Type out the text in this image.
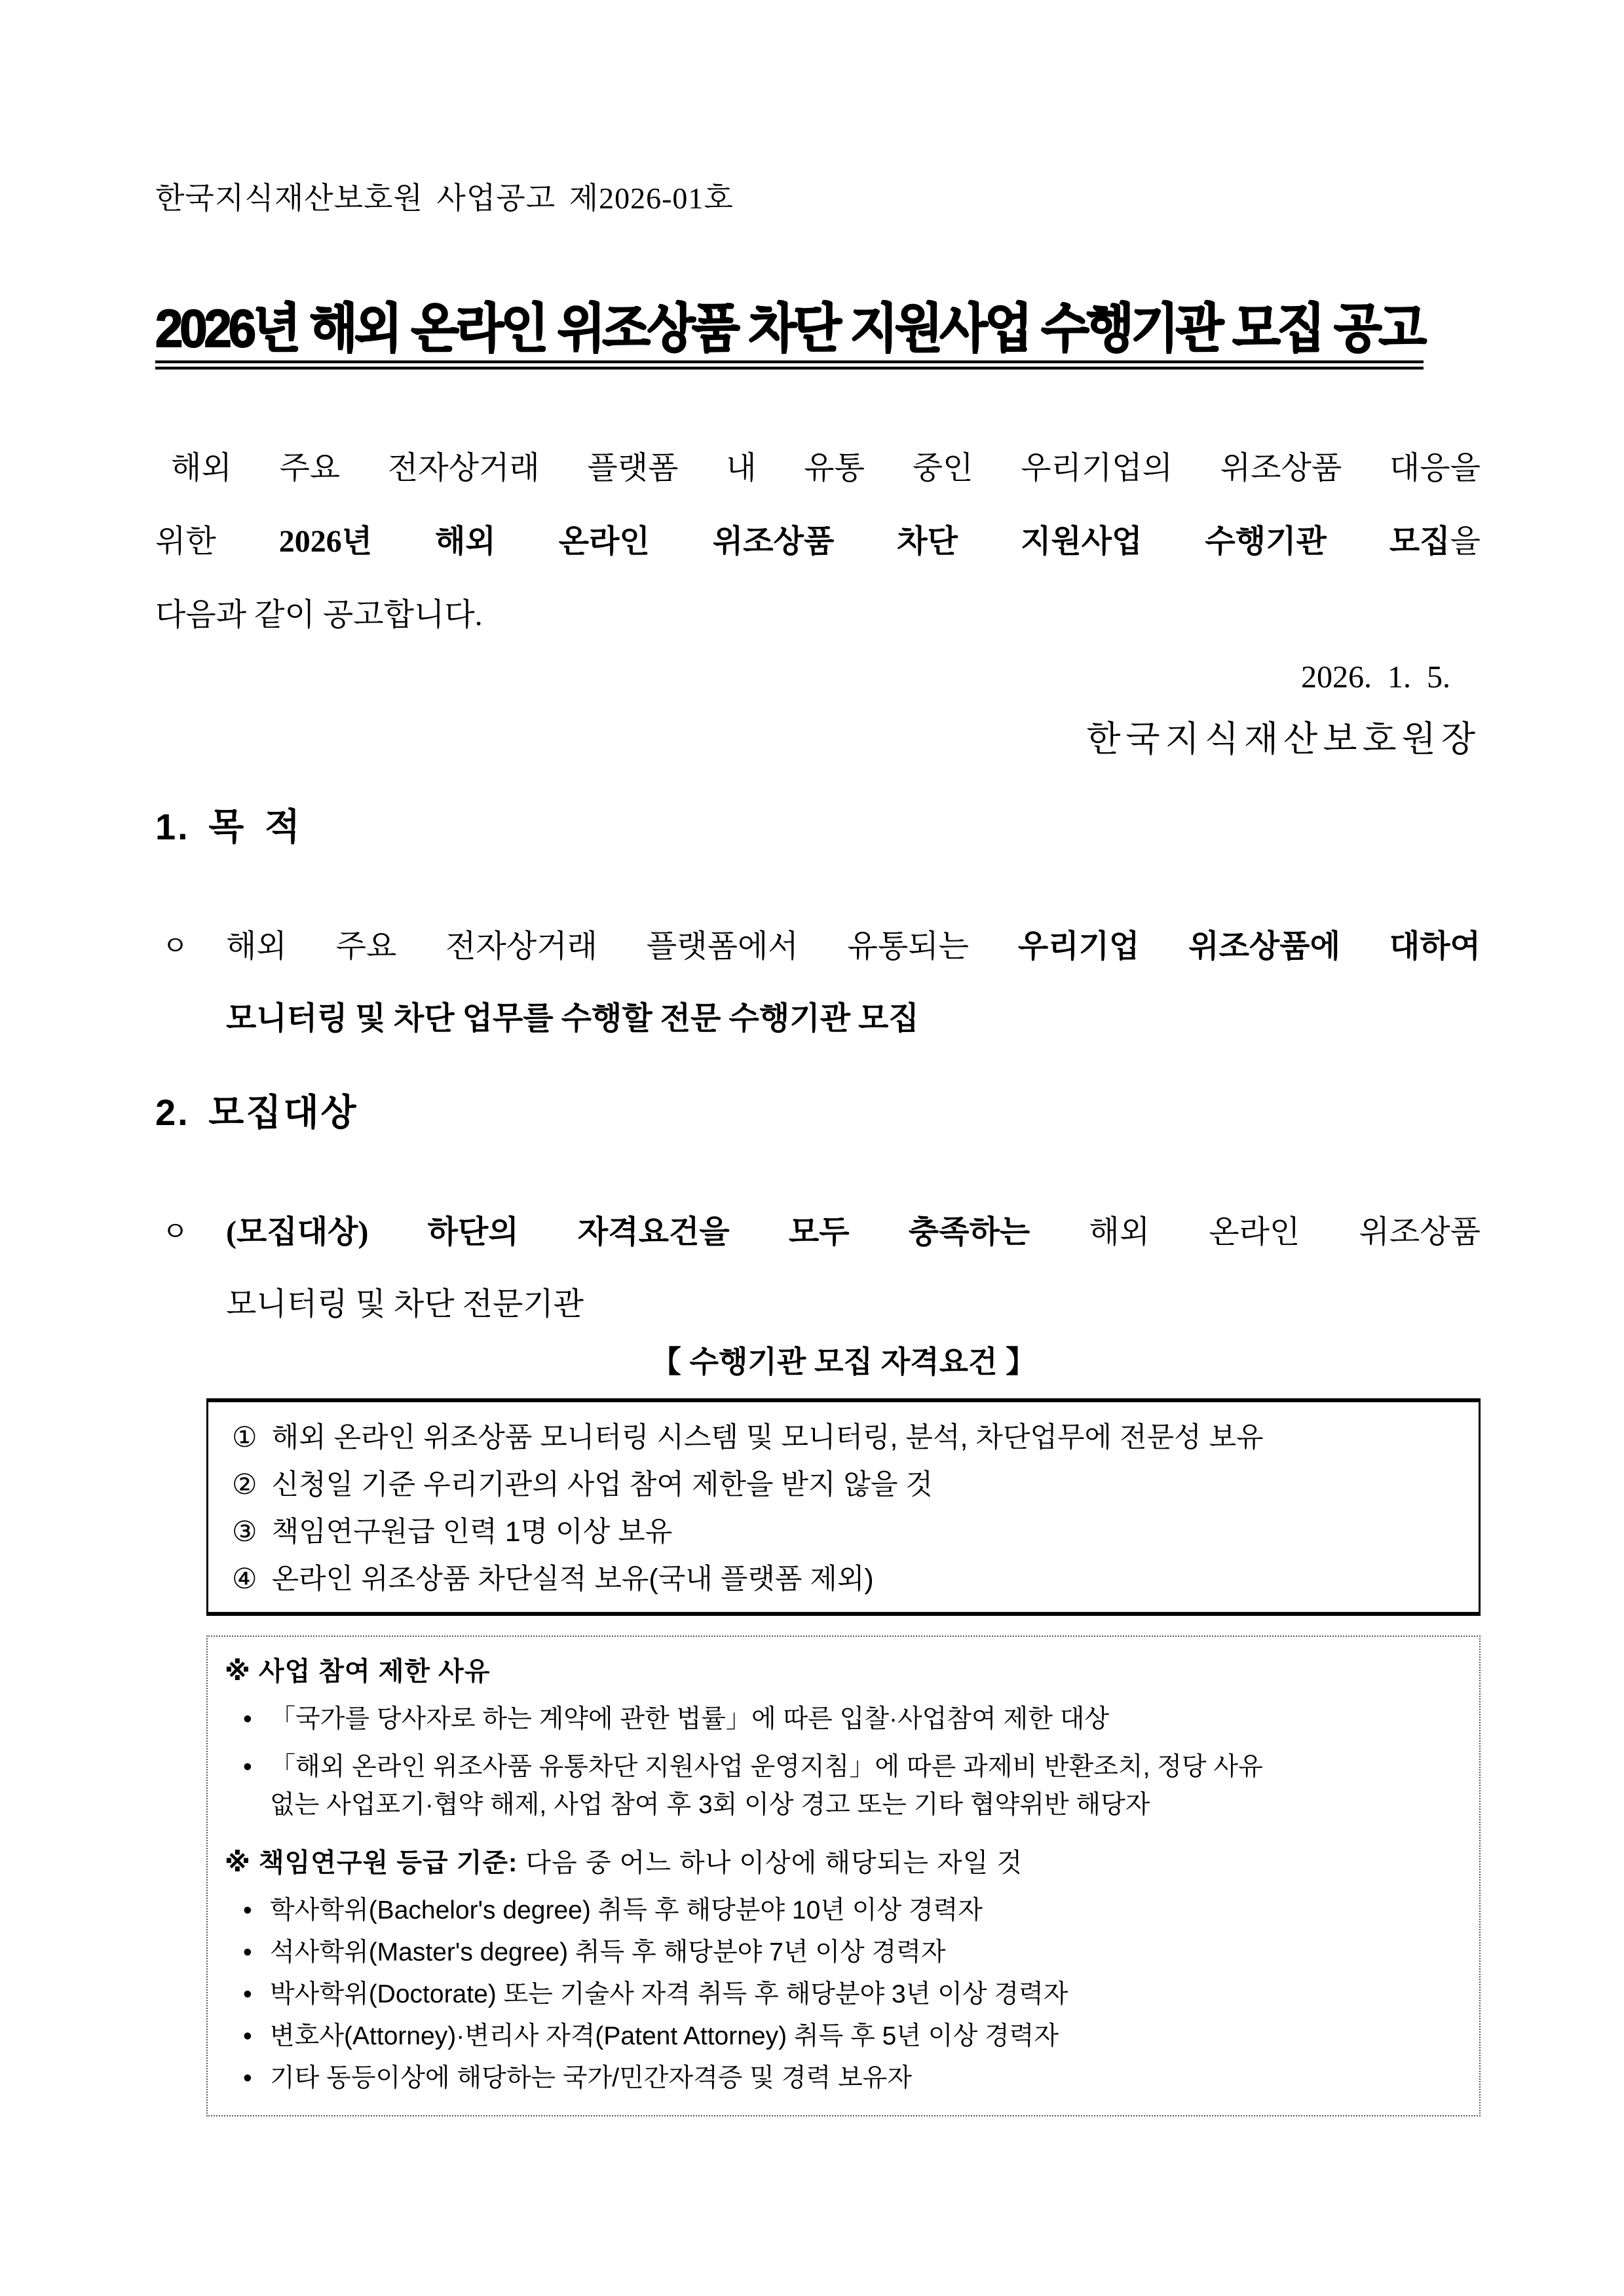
한국지식재산보호원 사업공고 제2026-01호
2026년 해외 온라인 위조상품 차단 지원사업 수행기관 모집 공고
해외 주요 전자상거래 플랫폼 내 유통 중인 우리기업의 위조상품 대응을
위한 2026년 해외 온라인 위조상품 차단 지원사업 수행기관 모집을
다음과 같이 공고합니다.
2026.  1.  5.
한국지식재산보호원장
1. 목 적
ㅇ 해외 주요 전자상거래 플랫폼에서 유통되는 우리기업 위조상품에 대하여
모니터링 및 차단 업무를 수행할 전문 수행기관 모집
2. 모집대상
ㅇ (모집대상) 하단의 자격요건을 모두 충족하는 해외 온라인 위조상품
모니터링 및 차단 전문기관
【 수행기관 모집 자격요건 】
① 해외 온라인 위조상품 모니터링 시스템 및 모니터링, 분석, 차단업무에 전문성 보유
② 신청일 기준 우리기관의 사업 참여 제한을 받지 않을 것
③ 책임연구원급 인력 1명 이상 보유
④ 온라인 위조상품 차단실적 보유(국내 플랫폼 제외)
※ 사업 참여 제한 사유
• 「국가를 당사자로 하는 계약에 관한 법률」에 따른 입찰·사업참여 제한 대상
• 「해외 온라인 위조사품 유통차단 지원사업 운영지침」에 따른 과제비 반환조치, 정당 사유
없는 사업포기·협약 해제, 사업 참여 후 3회 이상 경고 또는 기타 협약위반 해당자
※ 책임연구원 등급 기준: 다음 중 어느 하나 이상에 해당되는 자일 것
• 학사학위(Bachelor's degree) 취득 후 해당분야 10년 이상 경력자
• 석사학위(Master's degree) 취득 후 해당분야 7년 이상 경력자
• 박사학위(Doctorate) 또는 기술사 자격 취득 후 해당분야 3년 이상 경력자
• 변호사(Attorney)·변리사 자격(Patent Attorney) 취득 후 5년 이상 경력자
• 기타 동등이상에 해당하는 국가/민간자격증 및 경력 보유자
